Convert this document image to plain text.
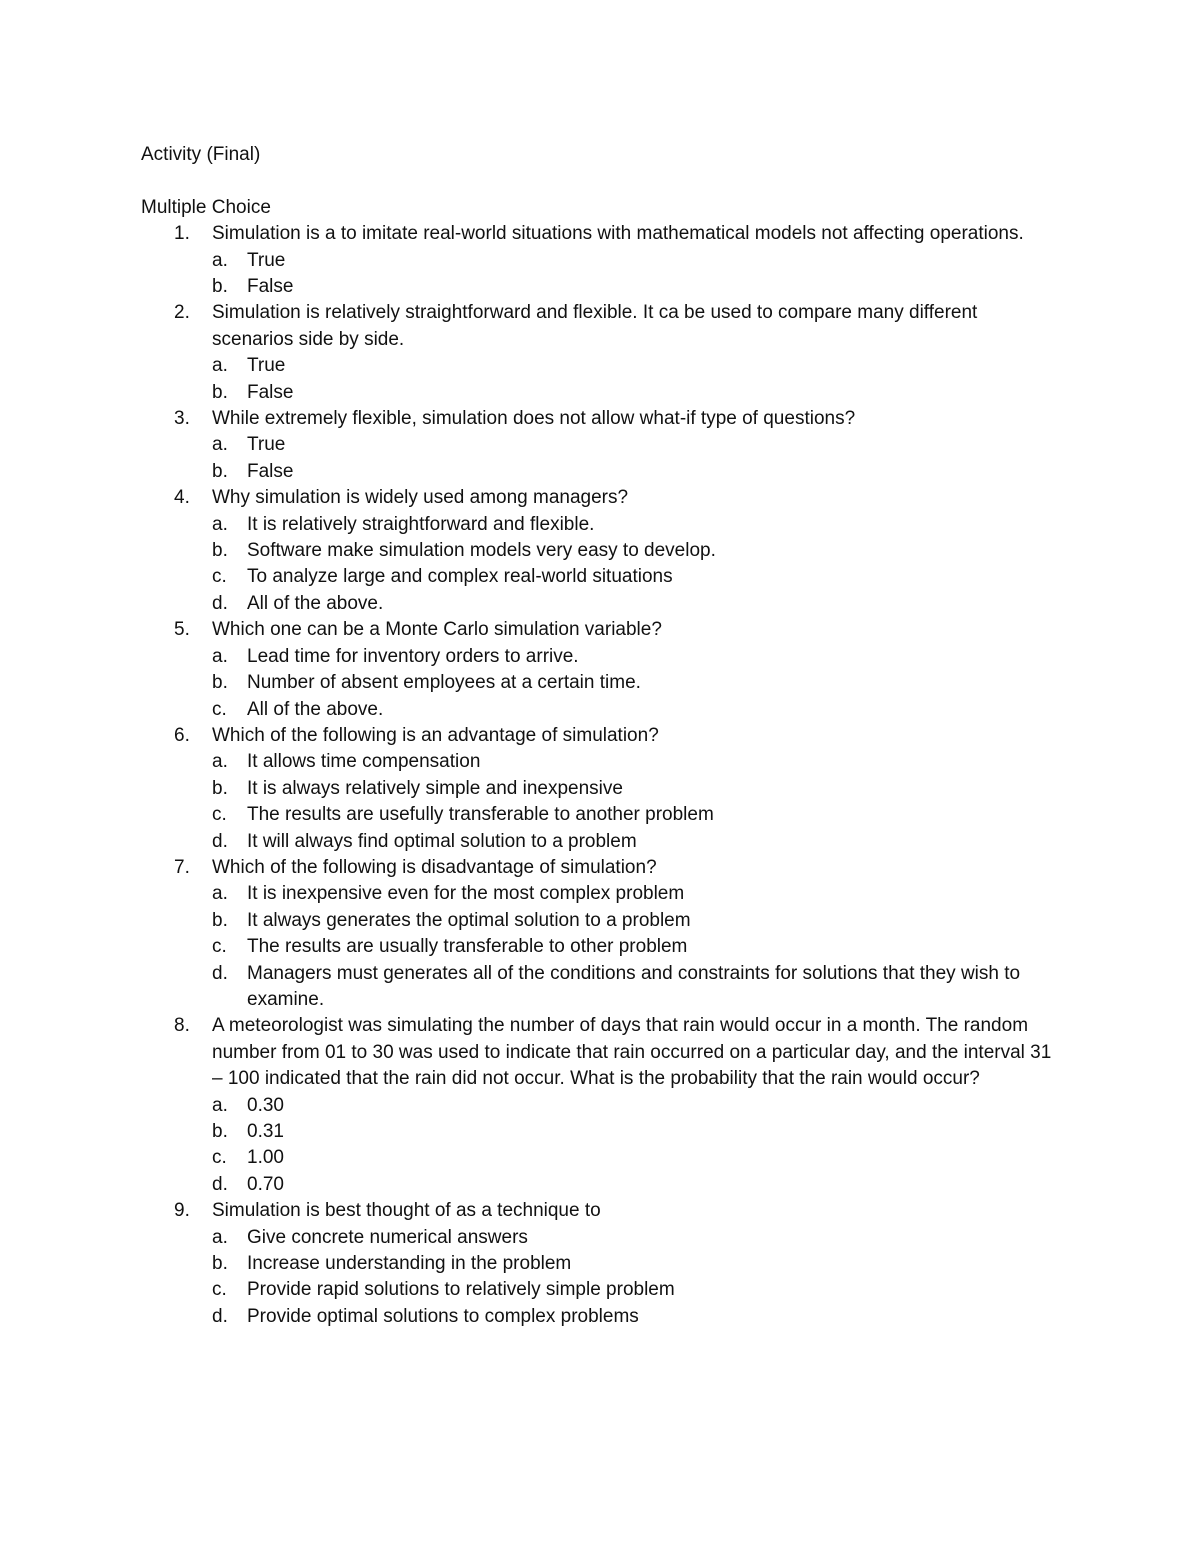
Activity (Final)

Multiple Choice

1. Simulation is a to imitate real-world situations with mathematical models not affecting operations.
a. True
b. False
2. Simulation is relatively straightforward and flexible. It ca be used to compare many different scenarios side by side.
a. True
b. False
3. While extremely flexible, simulation does not allow what-if type of questions?
a. True
b. False
4. Why simulation is widely used among managers?
a. It is relatively straightforward and flexible.
b. Software make simulation models very easy to develop.
c. To analyze large and complex real-world situations
d. All of the above.
5. Which one can be a Monte Carlo simulation variable?
a. Lead time for inventory orders to arrive.
b. Number of absent employees at a certain time.
c. All of the above.
6. Which of the following is an advantage of simulation?
a. It allows time compensation
b. It is always relatively simple and inexpensive
c. The results are usefully transferable to another problem
d. It will always find optimal solution to a problem
7. Which of the following is disadvantage of simulation?
a. It is inexpensive even for the most complex problem
b. It always generates the optimal solution to a problem
c. The results are usually transferable to other problem
d. Managers must generates all of the conditions and constraints for solutions that they wish to examine.
8. A meteorologist was simulating the number of days that rain would occur in a month. The random number from 01 to 30 was used to indicate that rain occurred on a particular day, and the interval 31 – 100 indicated that the rain did not occur. What is the probability that the rain would occur?
a. 0.30
b. 0.31
c. 1.00
d. 0.70
9. Simulation is best thought of as a technique to
a. Give concrete numerical answers
b. Increase understanding in the problem
c. Provide rapid solutions to relatively simple problem
d. Provide optimal solutions to complex problems
